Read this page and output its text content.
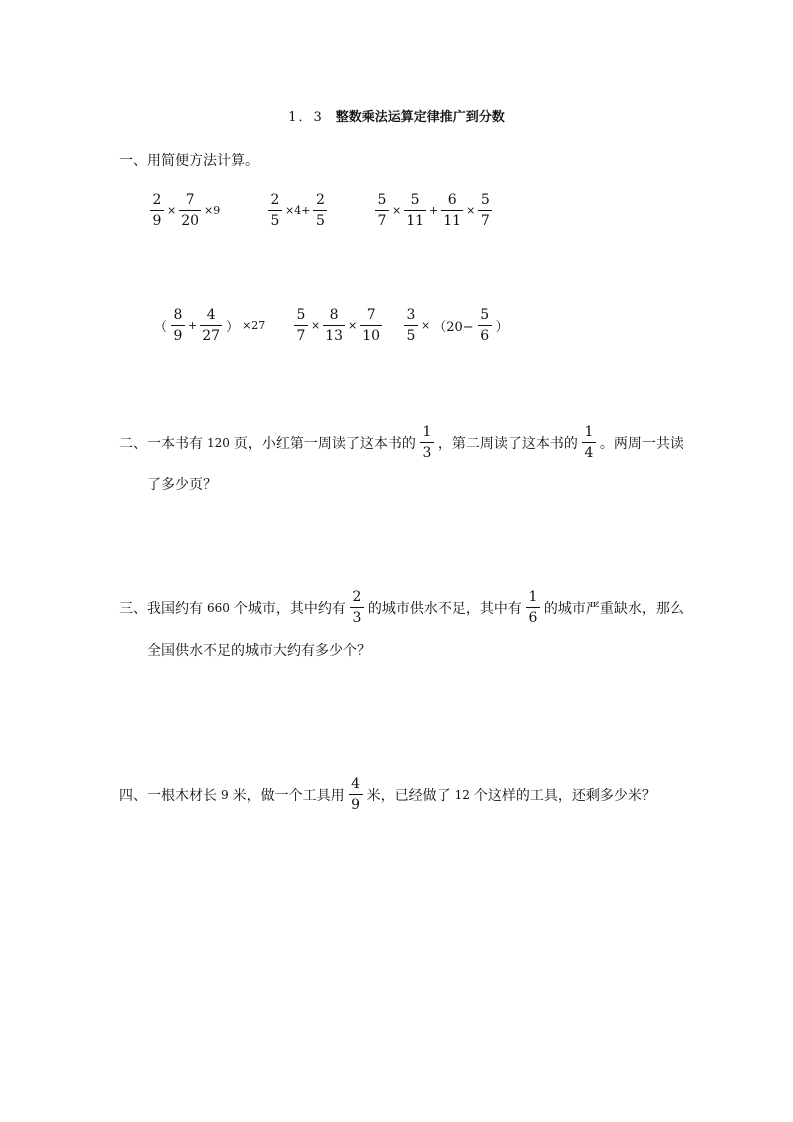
1．3 整数乘法运算定律推广到分数
一、用简便方法计算。
$\frac{2}{9} \times \frac{7}{20} \times 9$	$\frac{2}{5} \times 4+ \frac{2}{5}$	$\frac{5}{7} \times \frac{5}{11} + \frac{6}{11} \times \frac{5}{7}$
（ $\frac{8}{9} + \frac{4}{27}$ ） $\times 27 \frac{5}{7} \times \frac{8}{13} \times \frac{7}{10} \frac{3}{5} \times (20- \frac{5}{6}$ ）
二、一本书有 120 页，小红第一周读了这本书的 $\frac{1}{3}$ ，第二周读了这本书的 $\frac{1}{4}$ 。两周一共读
了多少页？
三、我国约有 660 个城市，其中约有 $\frac{2}{3}$ 的城市供水不足，其中有 $\frac{1}{6}$ 的城市严重缺水，那么
全国供水不足的城市大约有多少个？
四、一根木材长 9 米，做一个工具用 $\frac{4}{9}$ 米，已经做了 12 个这样的工具，还剩多少米？
